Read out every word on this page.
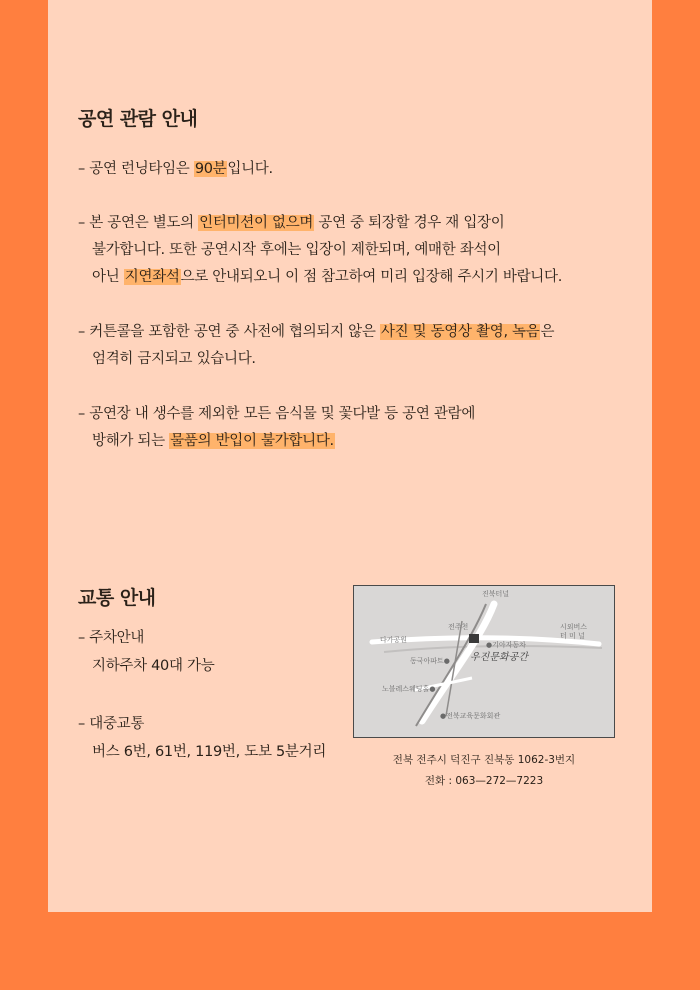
공연 관람 안내
– 공연 런닝타임은 90분입니다.
– 본 공연은 별도의 인터미션이 없으며 공연 중 퇴장할 경우 재 입장이
불가합니다. 또한 공연시작 후에는 입장이 제한되며, 예매한 좌석이
아닌 지연좌석으로 안내되오니 이 점 참고하여 미리 입장해 주시기 바랍니다.
– 커튼콜을 포함한 공연 중 사전에 협의되지 않은 사진 및 동영상 촬영, 녹음은
엄격히 금지되고 있습니다.
– 공연장 내 생수를 제외한 모든 음식물 및 꽃다발 등 공연 관람에
방해가 되는 물품의 반입이 불가합니다.
교통 안내
– 주차안내
지하주차 40대 가능
– 대중교통
버스 6번, 61번, 119번, 도보 5분거리
진북터널
전주천
다가공원
시외버스
터 미 널
●기아자동차
동국아파트●
노블레스웨딩홀●
●전북교육문화회관
우진문화공간
전북 전주시 덕진구 진북동 1062-3번지
전화 : 063—272—7223
